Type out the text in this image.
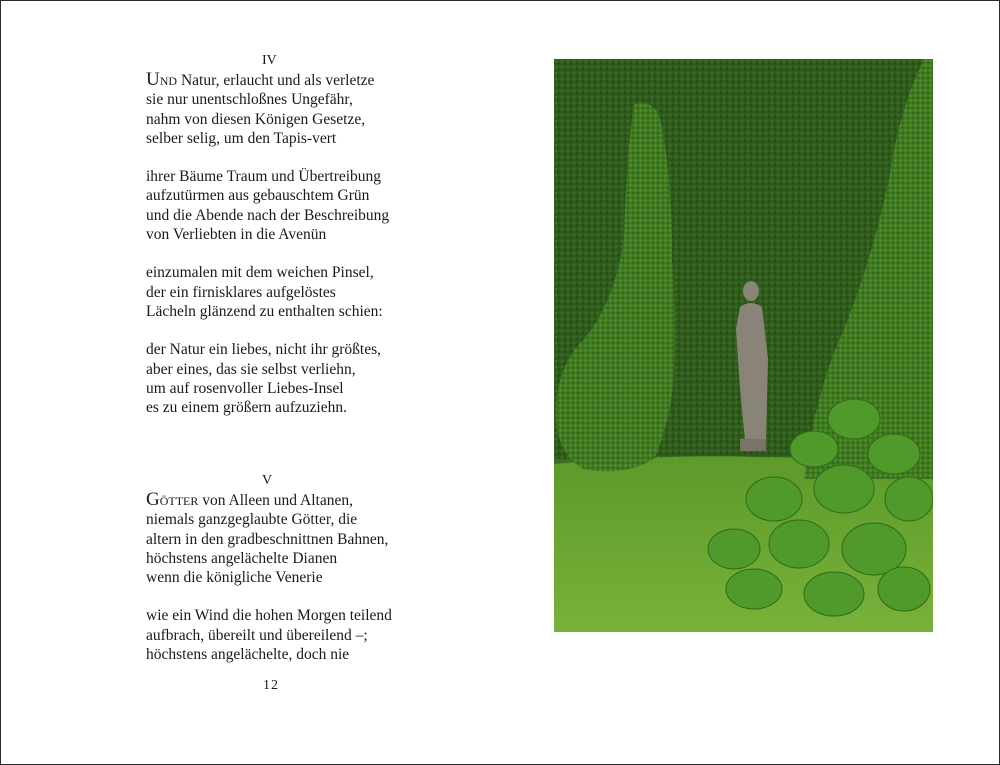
IV

Und Natur, erlaucht und als verletze

sie nur unentschloßnes Ungefähr,

nahm von diesen Königen Gesetze,

selber selig, um den Tapis-vert

ihrer Bäume Traum und Übertreibung

aufzutürmen aus gebauschtem Grün

und die Abende nach der Beschreibung

von Verliebten in die Avenün

einzumalen mit dem weichen Pinsel,

der ein firnisklares aufgelöstes

Lächeln glänzend zu enthalten schien:

der Natur ein liebes, nicht ihr größtes,

aber eines, das sie selbst verliehn,

um auf rosenvoller Liebes-Insel

es zu einem größern aufzuziehn.

V

Götter von Alleen und Altanen,

niemals ganzgeglaubte Götter, die

altern in den gradbeschnittnen Bahnen,

höchstens angelächelte Dianen

wenn die königliche Venerie

wie ein Wind die hohen Morgen teilend

aufbrach, übereilt und übereilend –;

höchstens angelächelte, doch nie

12
